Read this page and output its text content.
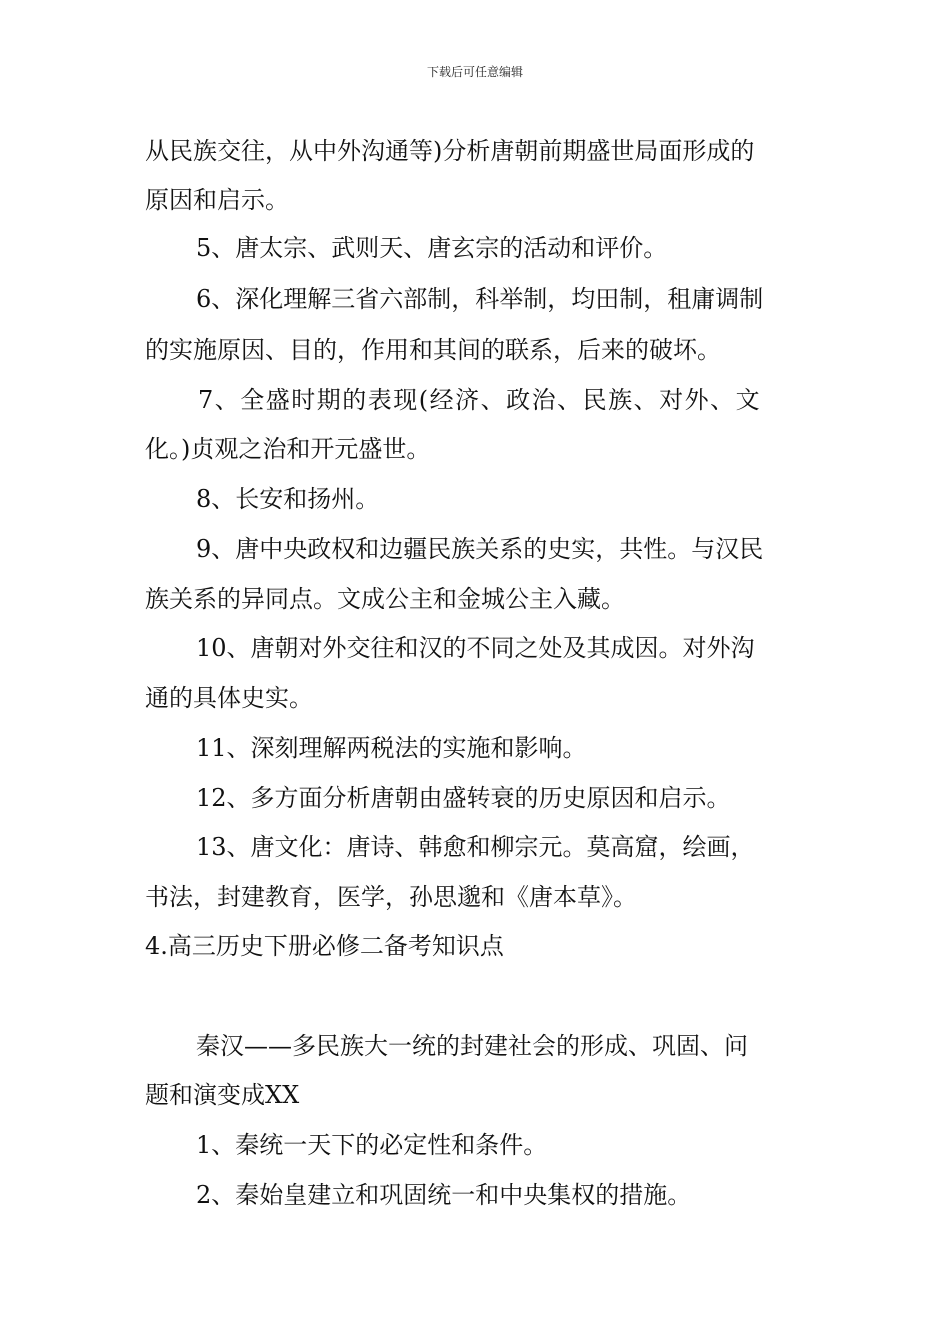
下载后可任意编辑
从民族交往，从中外沟通等)分析唐朝前期盛世局面形成的
原因和启示。
5、唐太宗、武则天、唐玄宗的活动和评价。
6、深化理解三省六部制，科举制，均田制，租庸调制
的实施原因、目的，作用和其间的联系，后来的破坏。
7、全盛时期的表现(经济、政治、民族、对外、文
化。)贞观之治和开元盛世。
8、长安和扬州。
9、唐中央政权和边疆民族关系的史实，共性。与汉民
族关系的异同点。文成公主和金城公主入藏。
10、唐朝对外交往和汉的不同之处及其成因。对外沟
通的具体史实。
11、深刻理解两税法的实施和影响。
12、多方面分析唐朝由盛转衰的历史原因和启示。
13、唐文化：唐诗、韩愈和柳宗元。莫高窟，绘画，
书法，封建教育，医学，孙思邈和《唐本草》。
4.高三历史下册必修二备考知识点
秦汉——多民族大一统的封建社会的形成、巩固、问
题和演变成XX
1、秦统一天下的必定性和条件。
2、秦始皇建立和巩固统一和中央集权的措施。
